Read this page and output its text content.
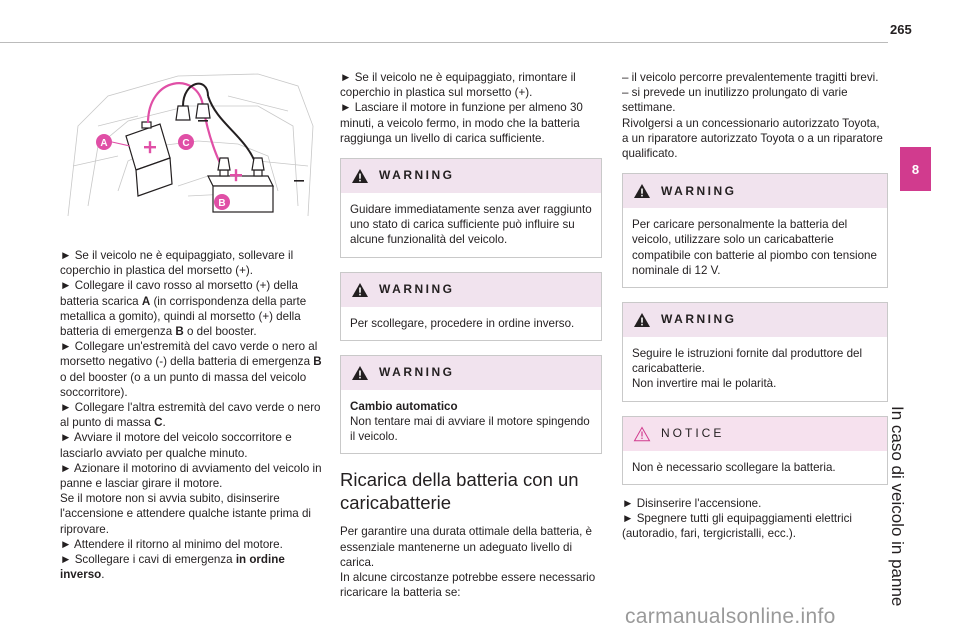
265
8
In caso di veicolo in panne
A	C
B

► Se il veicolo ne è equipaggiato, sollevare il coperchio in plastica del morsetto (+).

► Collegare il cavo rosso al morsetto (+) della batteria scarica A (in corrispondenza della parte metallica a gomito), quindi al morsetto (+) della batteria di emergenza B o del booster.

► Collegare un'estremità del cavo verde o nero al morsetto negativo (-) della batteria di emergenza B o del booster (o a un punto di massa del veicolo soccorritore).

► Collegare l'altra estremità del cavo verde o nero al punto di massa C.

► Avviare il motore del veicolo soccorritore e lasciarlo avviato per qualche minuto.

► Azionare il motorino di avviamento del veicolo in panne e lasciar girare il motore.

Se il motore non si avvia subito, disinserire l'accensione e attendere qualche istante prima di riprovare.

► Attendere il ritorno al minimo del motore.

► Scollegare i cavi di emergenza in ordine inverso.

► Se il veicolo ne è equipaggiato, rimontare il coperchio in plastica sul morsetto (+).

► Lasciare il motore in funzione per almeno 30 minuti, a veicolo fermo, in modo che la batteria raggiunga un livello di carica sufficiente.

WARNING

Guidare immediatamente senza aver raggiunto uno stato di carica sufficiente può influire su alcune funzionalità del veicolo.

WARNING

Per scollegare, procedere in ordine inverso.

WARNING

Cambio automatico

Non tentare mai di avviare il motore spingendo il veicolo.

Ricarica della batteria con un caricabatterie

Per garantire una durata ottimale della batteria, è essenziale mantenerne un adeguato livello di carica.

In alcune circostanze potrebbe essere necessario ricaricare la batteria se:

– il veicolo percorre prevalentemente tragitti brevi.

– si prevede un inutilizzo prolungato di varie settimane.

Rivolgersi a un concessionario autorizzato Toyota, a un riparatore autorizzato Toyota o a un riparatore qualificato.

WARNING

Per caricare personalmente la batteria del veicolo, utilizzare solo un caricabatterie compatibile con batterie al piombo con tensione nominale di 12 V.

WARNING

Seguire le istruzioni fornite dal produttore del caricabatterie.

Non invertire mai le polarità.

NOTICE

Non è necessario scollegare la batteria.

► Disinserire l'accensione.

► Spegnere tutti gli equipaggiamenti elettrici (autoradio, fari, tergicristalli, ecc.).

carmanualsonline.info
